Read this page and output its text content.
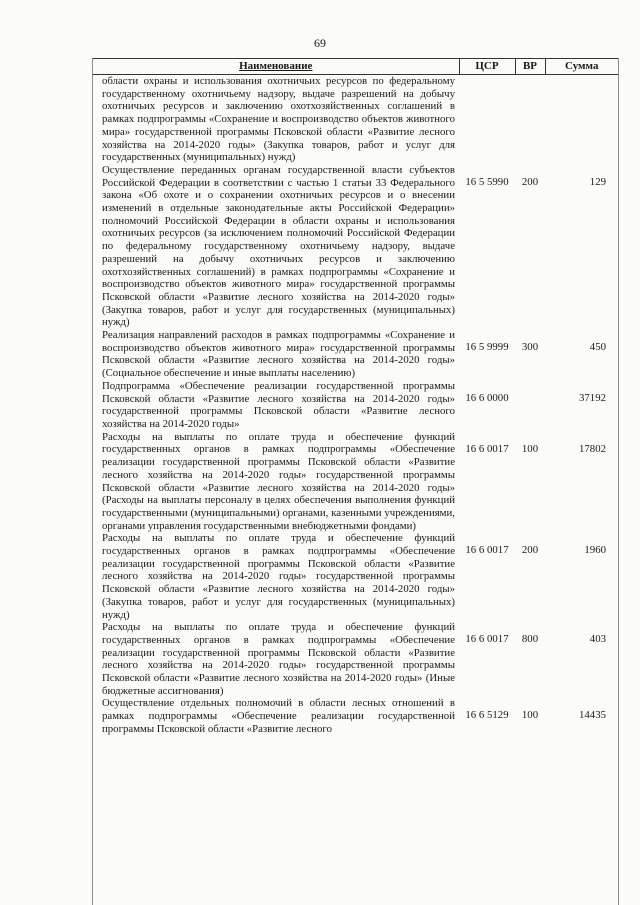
69
Наименование	ЦСР	ВР	Сумма
области охраны и использования охотничьих ресурсов по федеральному государственному охотничьему надзору, выдаче разрешений на добычу охотничьих ресурсов и заключению охотхозяйственных соглашений в рамках подпрограммы «Сохранение и воспроизводство объектов животного мира» государственной программы Псковской области «Развитие лесного хозяйства на 2014-2020 годы» (Закупка товаров, работ и услуг для государственных (муниципальных) нужд)			
Осуществление переданных органам государственной власти субъектов Российской Федерации в соответствии с частью 1 статьи 33 Федерального закона «Об охоте и о сохранении охотничьих ресурсов и о внесении изменений в отдельные законодательные акты Российской Федерации» полномочий Российской Федерации в области охраны и использования охотничьих ресурсов (за исключением полномочий Российской Федерации по федеральному государственному охотничьему надзору, выдаче разрешений на добычу охотничьих ресурсов и заключению охотхозяйственных соглашений) в рамках подпрограммы «Сохранение и воспроизводство объектов животного мира» государственной программы Псковской области «Развитие лесного хозяйства на 2014-2020 годы» (Закупка товаров, работ и услуг для государственных (муниципальных) нужд)	16 5 5990	200	129
Реализация направлений расходов в рамках подпрограммы «Сохранение и воспроизводство объектов животного мира» государственной программы Псковской области «Развитие лесного хозяйства на 2014-2020 годы» (Социальное обеспечение и иные выплаты населению)	16 5 9999	300	450
Подпрограмма «Обеспечение реализации государственной программы Псковской области «Развитие лесного хозяйства на 2014-2020 годы» государственной программы Псковской области «Развитие лесного хозяйства на 2014-2020 годы»	16 6 0000		37192
Расходы на выплаты по оплате труда и обеспечение функций государственных органов в рамках подпрограммы «Обеспечение реализации государственной программы Псковской области «Развитие лесного хозяйства на 2014-2020 годы» государственной программы Псковской области «Развитие лесного хозяйства на 2014-2020 годы» (Расходы на выплаты персоналу в целях обеспечения выполнения функций государственными (муниципальными) органами, казенными учреждениями, органами управления государственными внебюджетными фондами)	16 6 0017	100	17802
Расходы на выплаты по оплате труда и обеспечение функций государственных органов в рамках подпрограммы «Обеспечение реализации государственной программы Псковской области «Развитие лесного хозяйства на 2014-2020 годы» государственной программы Псковской области «Развитие лесного хозяйства на 2014-2020 годы» (Закупка товаров, работ и услуг для государственных (муниципальных) нужд)	16 6 0017	200	1960
Расходы на выплаты по оплате труда и обеспечение функций государственных органов в рамках подпрограммы «Обеспечение реализации государственной программы Псковской области «Развитие лесного хозяйства на 2014-2020 годы» государственной программы Псковской области «Развитие лесного хозяйства на 2014-2020 годы» (Иные бюджетные ассигнования)	16 6 0017	800	403
Осуществление отдельных полномочий в области лесных отношений в рамках подпрограммы «Обеспечение реализации государственной программы Псковской области «Развитие лесного	16 6 5129	100	14435
